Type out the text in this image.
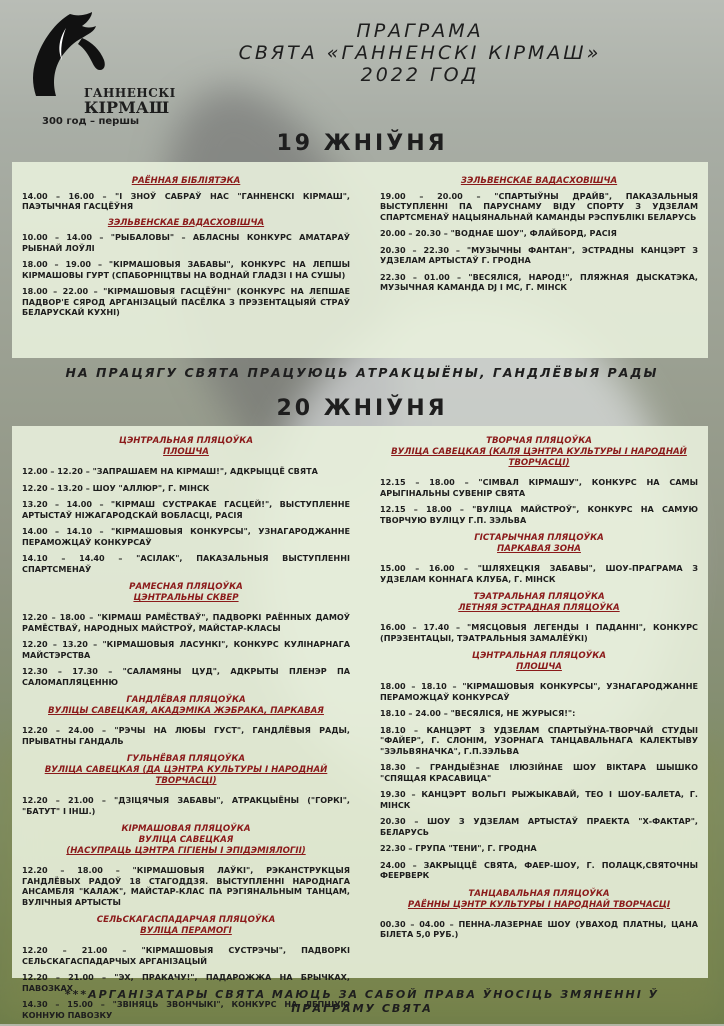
ГАННЕНСКІ
КІРМАШ
300 год – першы
ПРАГРАМА
СВЯТА «ГАННЕНСКІ КІРМАШ»
2022 ГОД
19 ЖНІЎНЯ
РАЁННАЯ БІБЛІЯТЭКА

14.00 – 16.00 – "І ЗНОЎ САБРАЎ НАС "ГАННЕНСКІ КІРМАШ", ПАЭТЫЧНАЯ ГАСЦЁЎНЯ

ЗЭЛЬВЕНСКАЕ ВАДАСХОВІШЧА

10.00 – 14.00 – "РЫБАЛОВЫ" – АБЛАСНЫ КОНКУРС АМАТАРАЎ РЫБНАЙ ЛОЎЛІ

18.00 – 19.00 – "КІРМАШОВЫЯ ЗАБАВЫ", КОНКУРС НА ЛЕПШЫ КІРМАШОВЫ ГУРТ (СПАБОРНІЦТВЫ НА ВОДНАЙ ГЛАДЗІ І НА СУШЫ)

18.00 – 22.00 – "КІРМАШОВЫЯ ГАСЦЁЎНІ" (КОНКУРС НА ЛЕПШАЕ ПАДВОР'Е СЯРОД АРГАНІЗАЦЫЙ ПАСЁЛКА З ПРЭЗЕНТАЦЫЯЙ СТРАЎ БЕЛАРУСКАЙ КУХНІ)

ЗЭЛЬВЕНСКАЕ ВАДАСХОВІШЧА

19.00 – 20.00 – "СПАРТЫЎНЫ ДРАЙВ", ПАКАЗАЛЬНЫЯ ВЫСТУПЛЕННІ ПА ПАРУСНАМУ ВІДУ СПОРТУ З УДЗЕЛАМ СПАРТСМЕНАЎ НАЦЫЯНАЛЬНАЙ КАМАНДЫ РЭСПУБЛІКІ БЕЛАРУСЬ

20.00 – 20.30 – "ВОДНАЕ ШОУ", ФЛАЙБОРД, РАСІЯ

20.30 – 22.30 – "МУЗЫЧНЫ ФАНТАН", ЭСТРАДНЫ КАНЦЭРТ З УДЗЕЛАМ АРТЫСТАЎ Г. ГРОДНА

22.30 – 01.00 – "ВЕСЯЛІСЯ, НАРОД!", ПЛЯЖНАЯ ДЫСКАТЭКА, МУЗЫЧНАЯ КАМАНДА DJ I MC, Г. МІНСК

НА ПРАЦЯГУ СВЯТА ПРАЦУЮЦЬ АТРАКЦЫЁНЫ, ГАНДЛЁВЫЯ РАДЫ
20 ЖНІЎНЯ
ЦЭНТРАЛЬНАЯ ПЛЯЦОЎКА
ПЛОШЧА

12.00 – 12.20 – "ЗАПРАШАЕМ НА КІРМАШ!", АДКРЫЦЦЁ СВЯТА

12.20 – 13.20 – ШОУ "АЛЛЮР", Г. МІНСК

13.20 – 14.00 – "КІРМАШ СУСТРАКАЕ ГАСЦЕЙ!", ВЫСТУПЛЕННЕ АРТЫСТАЎ НІЖАГАРОДСКАЙ ВОБЛАСЦІ, РАСІЯ

14.00 – 14.10 – "КІРМАШОВЫЯ КОНКУРСЫ", УЗНАГАРОДЖАННЕ ПЕРАМОЖЦАЎ КОНКУРСАЎ

14.10 – 14.40 – "АСІЛАК", ПАКАЗАЛЬНЫЯ ВЫСТУПЛЕННІ СПАРТСМЕНАЎ

РАМЕСНАЯ ПЛЯЦОЎКА
ЦЭНТРАЛЬНЫ СКВЕР

12.20 – 18.00 – "КІРМАШ РАМЁСТВАЎ", ПАДВОРКІ РАЁННЫХ ДАМОЎ РАМЁСТВАЎ, НАРОДНЫХ МАЙСТРОЎ, МАЙСТАР-КЛАСЫ

12.20 – 13.20 – "КІРМАШОВЫЯ ЛАСУНКІ", КОНКУРС КУЛІНАРНАГА МАЙСТЭРСТВА

12.30 – 17.30 – "САЛАМЯНЫ ЦУД", АДКРЫТЫ ПЛЕНЭР ПА САЛОМАПЛЯЦЕННЮ

ГАНДЛЁВАЯ ПЛЯЦОЎКА
ВУЛІЦЫ САВЕЦКАЯ, АКАДЭМІКА ЖЭБРАКА, ПАРКАВАЯ

12.20 – 24.00 – "РЭЧЫ НА ЛЮБЫ ГУСТ", ГАНДЛЁВЫЯ РАДЫ, ПРЫВАТНЫ ГАНДАЛЬ

ГУЛЬНЁВАЯ ПЛЯЦОЎКА
ВУЛІЦА САВЕЦКАЯ (ДА ЦЭНТРА КУЛЬТУРЫ І НАРОДНАЙ ТВОРЧАСЦІ)

12.20 – 21.00 – "ДЗІЦЯЧЫЯ ЗАБАВЫ", АТРАКЦЫЁНЫ ("ГОРКІ", "БАТУТ" І ІНШ.)

КІРМАШОВАЯ ПЛЯЦОЎКА
ВУЛІЦА САВЕЦКАЯ
(НАСУПРАЦЬ ЦЭНТРА ГІГІЕНЫ І ЭПІДЭМІЯЛОГІІ)

12.20 – 18.00 – "КІРМАШОВЫЯ ЛАЎКІ", РЭКАНСТРУКЦЫЯ ГАНДЛЁВЫХ РАДОЎ 18 СТАГОДДЗЯ. ВЫСТУПЛЕННІ НАРОДНАГА АНСАМБЛЯ "КАЛАЖ", МАЙСТАР-КЛАС ПА РЭГІЯНАЛЬНЫМ ТАНЦАМ, ВУЛІЧНЫЯ АРТЫСТЫ

СЕЛЬСКАГАСПАДАРЧАЯ ПЛЯЦОЎКА
ВУЛІЦА ПЕРАМОГІ

12.20 – 21.00 – "КІРМАШОВЫЯ СУСТРЭЧЫ", ПАДВОРКІ СЕЛЬСКАГАСПАДАРЧЫХ АРГАНІЗАЦЫЙ

12.20 – 21.00 – "ЭХ, ПРАКАЧУ!", ПАДАРОЖЖА НА БРЫЧКАХ, ПАВОЗКАХ

14.30 – 15.00 – "ЗВІНЯЦЬ ЗВОНЧЫКІ", КОНКУРС НА ЛЕПШУЮ КОННУЮ ПАВОЗКУ

ТВОРЧАЯ ПЛЯЦОЎКА
ВУЛІЦА САВЕЦКАЯ (КАЛЯ ЦЭНТРА КУЛЬТУРЫ І НАРОДНАЙ ТВОРЧАСЦІ)

12.15 – 18.00 – "СІМВАЛ КІРМАШУ", КОНКУРС НА САМЫ АРЫГІНАЛЬНЫ СУВЕНІР СВЯТА

12.15 – 18.00 – "ВУЛІЦА МАЙСТРОЎ", КОНКУРС НА САМУЮ ТВОРЧУЮ ВУЛІЦУ Г.П. ЗЭЛЬВА

ГІСТАРЫЧНАЯ ПЛЯЦОЎКА
ПАРКАВАЯ ЗОНА

15.00 – 16.00 – "ШЛЯХЕЦКІЯ ЗАБАВЫ", ШОУ-ПРАГРАМА З УДЗЕЛАМ КОННАГА КЛУБА, Г. МІНСК

ТЭАТРАЛЬНАЯ ПЛЯЦОЎКА
ЛЕТНЯЯ ЭСТРАДНАЯ ПЛЯЦОЎКА

16.00 – 17.40 – "МЯСЦОВЫЯ ЛЕГЕНДЫ І ПАДАННІ", КОНКУРС (ПРЭЗЕНТАЦЫІ, ТЭАТРАЛЬНЫЯ ЗАМАЛЁЎКІ)

ЦЭНТРАЛЬНАЯ ПЛЯЦОЎКА
ПЛОШЧА

18.00 – 18.10 – "КІРМАШОВЫЯ КОНКУРСЫ", УЗНАГАРОДЖАННЕ ПЕРАМОЖЦАЎ КОНКУРСАЎ

18.10 – 24.00 – "ВЕСЯЛІСЯ, НЕ ЖУРЫСЯ!":

18.10 – КАНЦЭРТ З УДЗЕЛАМ СПАРТЫЎНА-ТВОРЧАЙ СТУДЫІ "ФАЙЕР", Г. СЛОНІМ, УЗОРНАГА ТАНЦАВАЛЬНАГА КАЛЕКТЫВУ "ЗЭЛЬВЯНАЧКА", Г.П.ЗЭЛЬВА

18.30 – ГРАНДЫЁЗНАЕ ІЛЮЗІЙНАЕ ШОУ ВІКТАРА ШЫШКО "СПЯЩАЯ КРАСАВИЦА"

19.30 – КАНЦЭРТ ВОЛЬГІ РЫЖЫКАВАЙ, ТЕО І ШОУ-БАЛЕТА, Г. МІНСК

20.30 – ШОУ З УДЗЕЛАМ АРТЫСТАЎ ПРАЕКТА "Х-ФАКТАР", БЕЛАРУСЬ

22.30 – ГРУПА "ТЕНИ", Г. ГРОДНА

24.00 – ЗАКРЫЦЦЁ СВЯТА, ФАЕР-ШОУ, Г. ПОЛАЦК,СВЯТОЧНЫ ФЕЕРВЕРК

ТАНЦАВАЛЬНАЯ ПЛЯЦОЎКА
РАЁННЫ ЦЭНТР КУЛЬТУРЫ І НАРОДНАЙ ТВОРЧАСЦІ

00.30 – 04.00 – ПЕННА-ЛАЗЕРНАЕ ШОУ (УВАХОД ПЛАТНЫ, ЦАНА БІЛЕТА 5,0 РУБ.)

***АРГАНІЗАТАРЫ СВЯТА МАЮЦЬ ЗА САБОЙ ПРАВА ЎНОСІЦЬ ЗМЯНЕННІ Ў ПРАГРАМУ СВЯТА
